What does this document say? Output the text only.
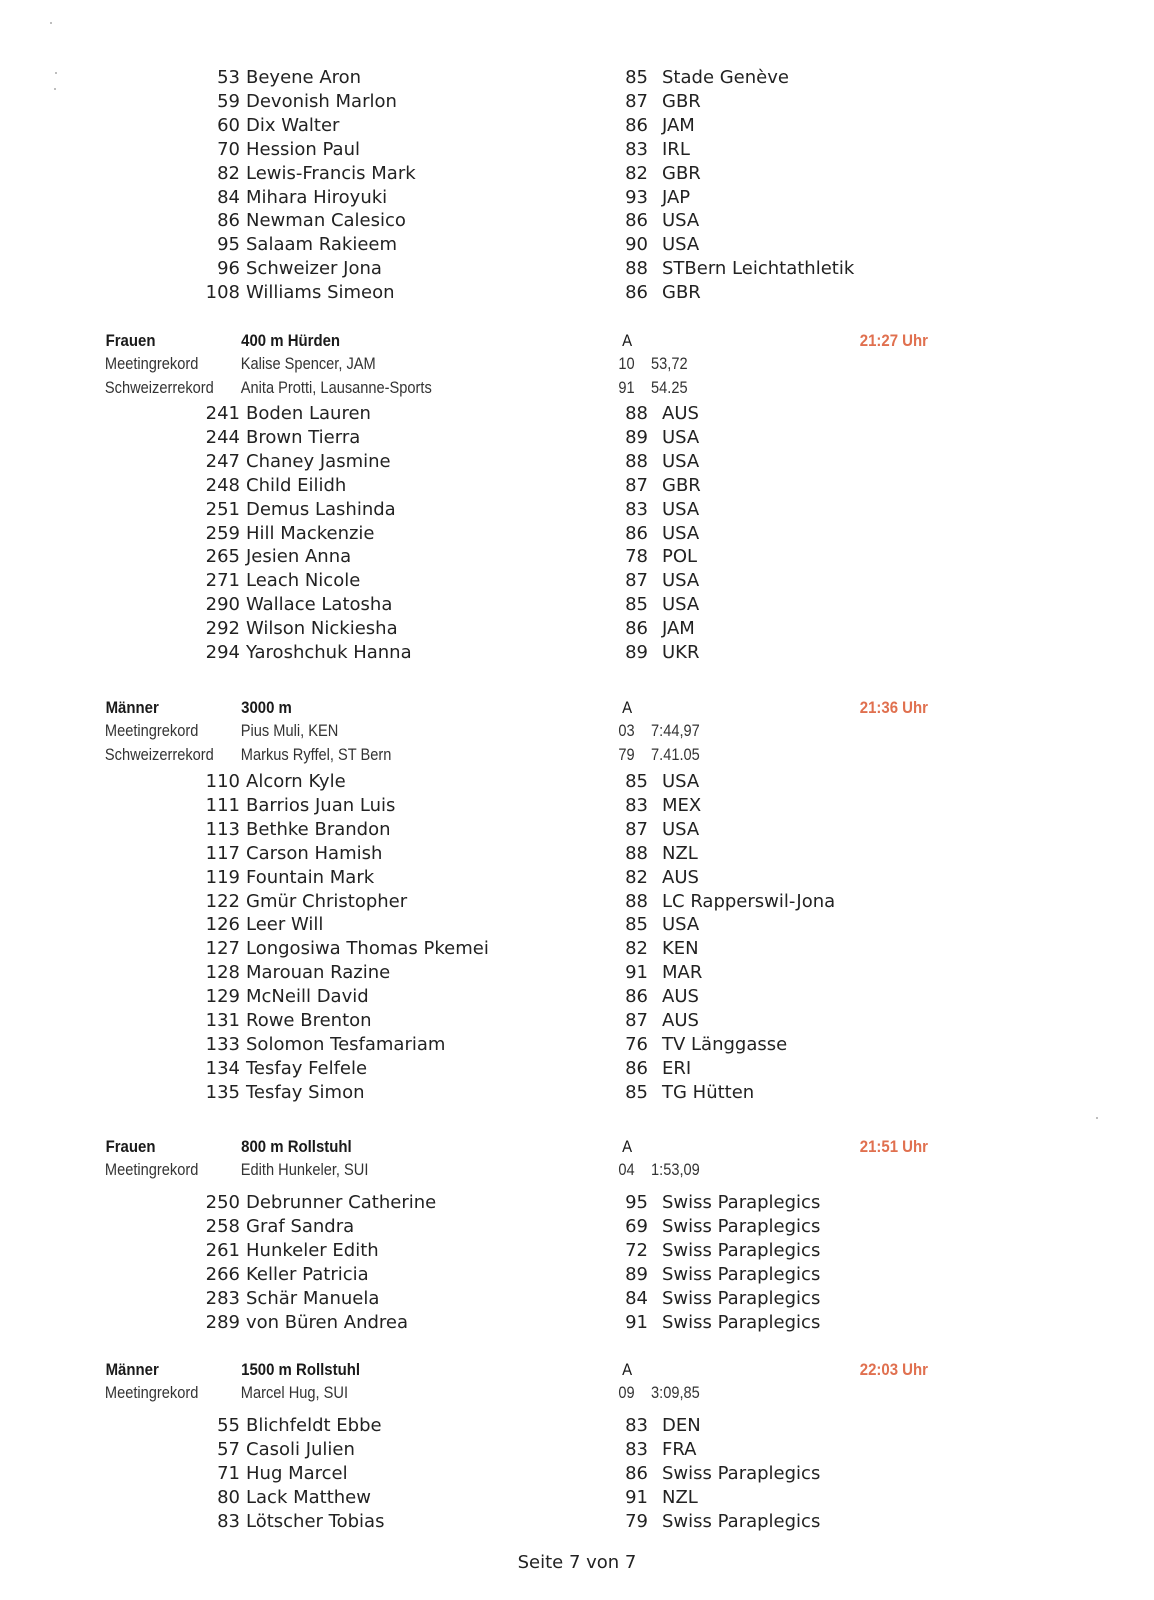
53 Beyene Aron	85 Stade Genève
59 Devonish Marlon	87 GBR
60 Dix Walter	86 JAM
70 Hession Paul	83 IRL
82 Lewis-Francis Mark	82 GBR
84 Mihara Hiroyuki	93 JAP
86 Newman Calesico	86 USA
95 Salaam Rakieem	90 USA
96 Schweizer Jona	88 STBern Leichtathletik
108 Williams Simeon	86 GBR
Frauen	400 m Hürden	A	21:27 Uhr
Meetingrekord Kalise Spencer, JAM	10 53,72
Schweizerrekord Anita Protti, Lausanne-Sports	91 54.25
241 Boden Lauren	88 AUS
244 Brown Tierra	89 USA
247 Chaney Jasmine	88 USA
248 Child Eilidh	87 GBR
251 Demus Lashinda	83 USA
259 Hill Mackenzie	86 USA
265 Jesien Anna	78 POL
271 Leach Nicole	87 USA
290 Wallace Latosha	85 USA
292 Wilson Nickiesha	86 JAM
294 Yaroshchuk Hanna	89 UKR
Männer	3000 m	A	21:36 Uhr
Meetingrekord Pius Muli, KEN	03 7:44,97
Schweizerrekord Markus Ryffel, ST Bern	79 7.41.05
110 Alcorn Kyle	85 USA
111 Barrios Juan Luis	83 MEX
113 Bethke Brandon	87 USA
117 Carson Hamish	88 NZL
119 Fountain Mark	82 AUS
122 Gmür Christopher	88 LC Rapperswil-Jona
126 Leer Will	85 USA
127 Longosiwa Thomas Pkemei	82 KEN
128 Marouan Razine	91 MAR
129 McNeill David	86 AUS
131 Rowe Brenton	87 AUS
133 Solomon Tesfamariam	76 TV Länggasse
134 Tesfay Felfele	86 ERI
135 Tesfay Simon	85 TG Hütten
Frauen	800 m Rollstuhl	A	21:51 Uhr
Meetingrekord Edith Hunkeler, SUI	04 1:53,09
250 Debrunner Catherine	95 Swiss Paraplegics
258 Graf Sandra	69 Swiss Paraplegics
261 Hunkeler Edith	72 Swiss Paraplegics
266 Keller Patricia	89 Swiss Paraplegics
283 Schär Manuela	84 Swiss Paraplegics
289 von Büren Andrea	91 Swiss Paraplegics
Männer	1500 m Rollstuhl	A	22:03 Uhr
Meetingrekord Marcel Hug, SUI	09 3:09,85
55 Blichfeldt Ebbe	83 DEN
57 Casoli Julien	83 FRA
71 Hug Marcel	86 Swiss Paraplegics
80 Lack Matthew	91 NZL
83 Lötscher Tobias	79 Swiss Paraplegics
Seite 7 von 7
